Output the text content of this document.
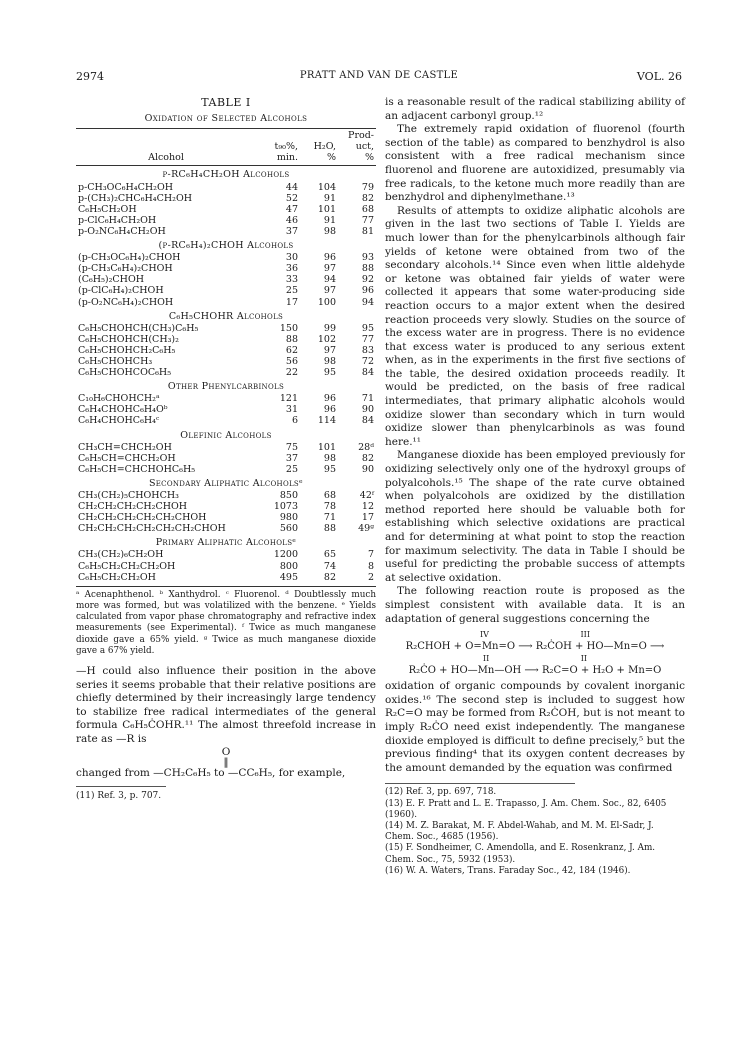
2974	PRATT AND VAN DE CASTLE	VOL. 26
TABLE I
Oxidation of Selected Alcohols

			Prod-
	t₉₀%,	H₂O,	uct,
Alcohol	min.	%	%
p-RC₆H₄CH₂OH Alcohols			
p-CH₃OC₆H₄CH₂OH	44	104	79
p-(CH₃)₂CHC₆H₄CH₂OH	52	91	82
C₆H₅CH₂OH	47	101	68
p-ClC₆H₄CH₂OH	46	91	77
p-O₂NC₆H₄CH₂OH	37	98	81
(p-RC₆H₄)₂CHOH Alcohols			
(p-CH₃OC₆H₄)₂CHOH	30	96	93
(p-CH₃C₆H₄)₂CHOH	36	97	88
(C₆H₅)₂CHOH	33	94	92
(p-ClC₆H₄)₂CHOH	25	97	96
(p-O₂NC₆H₄)₂CHOH	17	100	94
C₆H₅CHOHR Alcohols			
C₆H₅CHOHCH(CH₃)C₆H₅	150	99	95
C₆H₅CHOHCH(CH₃)₂	88	102	77
C₆H₅CHOHCH₂C₆H₅	62	97	83
C₆H₅CHOHCH₃	56	98	72
C₆H₅CHOHCOC₆H₅	22	95	84
Other Phenylcarbinols			
C₁₀H₆CHOHCH₂ᵃ	121	96	71
C₆H₄CHOHC₆H₄Oᵇ	31	96	90
C₆H₄CHOHC₆H₄ᶜ	6	114	84
Olefinic Alcohols			
CH₃CH=CHCH₂OH	75	101	28ᵈ
C₆H₅CH=CHCH₂OH	37	98	82
C₆H₅CH=CHCHOHC₆H₅	25	95	90
Secondary Aliphatic Alcoholsᵉ			
CH₃(CH₂)₅CHOHCH₃	850	68	42ᶠ
CH₂CH₂CH₂CH₂CHOH	1073	78	12
CH₂CH₂CH₂CH₂CH₂CHOH	980	71	17
CH₂CH₂CH₂CH₂CH₂CH₂CHOH	560	88	49ᵍ
Primary Aliphatic Alcoholsᵉ			
CH₃(CH₂)₆CH₂OH	1200	65	7
C₆H₅CH₂CH₂CH₂OH	800	74	8
C₆H₅CH₂CH₂OH	495	82	2
ᵃ Acenaphthenol. ᵇ Xanthydrol. ᶜ Fluorenol. ᵈ Doubtlessly much more was formed, but was volatilized with the benzene. ᵉ Yields calculated from vapor phase chromatography and refractive index measurements (see Experimental). ᶠ Twice as much manganese dioxide gave a 65% yield. ᵍ Twice as much manganese dioxide gave a 67% yield.

—H could also influence their position in the above series it seems probable that their relative positions are chiefly determined by their increasingly large tendency to stabilize free radical intermediates of the general formula C₆H₅ĊOHR.¹¹ The almost threefold increase in rate as —R is

O
‖

changed from —CH₂C₆H₅ to —CC₆H₅, for example,

(11) Ref. 3, p. 707.

is a reasonable result of the radical stabilizing ability of an adjacent carbonyl group.¹²

The extremely rapid oxidation of fluorenol (fourth section of the table) as compared to benzhydrol is also consistent with a free radical mechanism since fluorenol and fluorene are autoxidized, presumably via free radicals, to the ketone much more readily than are benzhydrol and diphenylmethane.¹³

Results of attempts to oxidize aliphatic alcohols are given in the last two sections of Table I. Yields are much lower than for the phenylcarbinols although fair yields of ketone were obtained from two of the secondary alcohols.¹⁴ Since even when little aldehyde or ketone was obtained fair yields of water were collected it appears that some water-producing side reaction occurs to a major extent when the desired reaction proceeds very slowly. Studies on the source of the excess water are in progress. There is no evidence that excess water is produced to any serious extent when, as in the experiments in the first five sections of the table, the desired oxidation proceeds readily. It would be predicted, on the basis of free radical intermediates, that primary aliphatic alcohols would oxidize slower than secondary which in turn would oxidize slower than phenylcarbinols as was found here.¹¹

Manganese dioxide has been employed previously for oxidizing selectively only one of the hydroxyl groups of polyalcohols.¹⁵ The shape of the rate curve obtained when polyalcohols are oxidized by the distillation method reported here should be valuable both for establishing which selective oxidations are practical and for determining at what point to stop the reaction for maximum selectivity. The data in Table I should be useful for predicting the probable success of attempts at selective oxidation.

The following reaction route is proposed as the simplest consistent with available data. It is an adaptation of general suggestions concerning the

IV                                    III
R₂CHOH + O=Mn=O ⟶ R₂ĊOH + HO—Mn=O ⟶
II                                    II
R₂ĊO + HO—Mn—OH ⟶ R₂C=O + H₂O + Mn=O

oxidation of organic compounds by covalent inorganic oxides.¹⁶ The second step is included to suggest how R₂C=O may be formed from R₂ĊOH, but is not meant to imply R₂ĊO need exist independently. The manganese dioxide employed is difficult to define precisely,⁵ but the previous finding⁴ that its oxygen content decreases by the amount demanded by the equation was confirmed

(12) Ref. 3, pp. 697, 718.
(13) E. F. Pratt and L. E. Trapasso, J. Am. Chem. Soc., 82, 6405 (1960).
(14) M. Z. Barakat, M. F. Abdel-Wahab, and M. M. El-Sadr, J. Chem. Soc., 4685 (1956).
(15) F. Sondheimer, C. Amendolla, and E. Rosenkranz, J. Am. Chem. Soc., 75, 5932 (1953).
(16) W. A. Waters, Trans. Faraday Soc., 42, 184 (1946).
